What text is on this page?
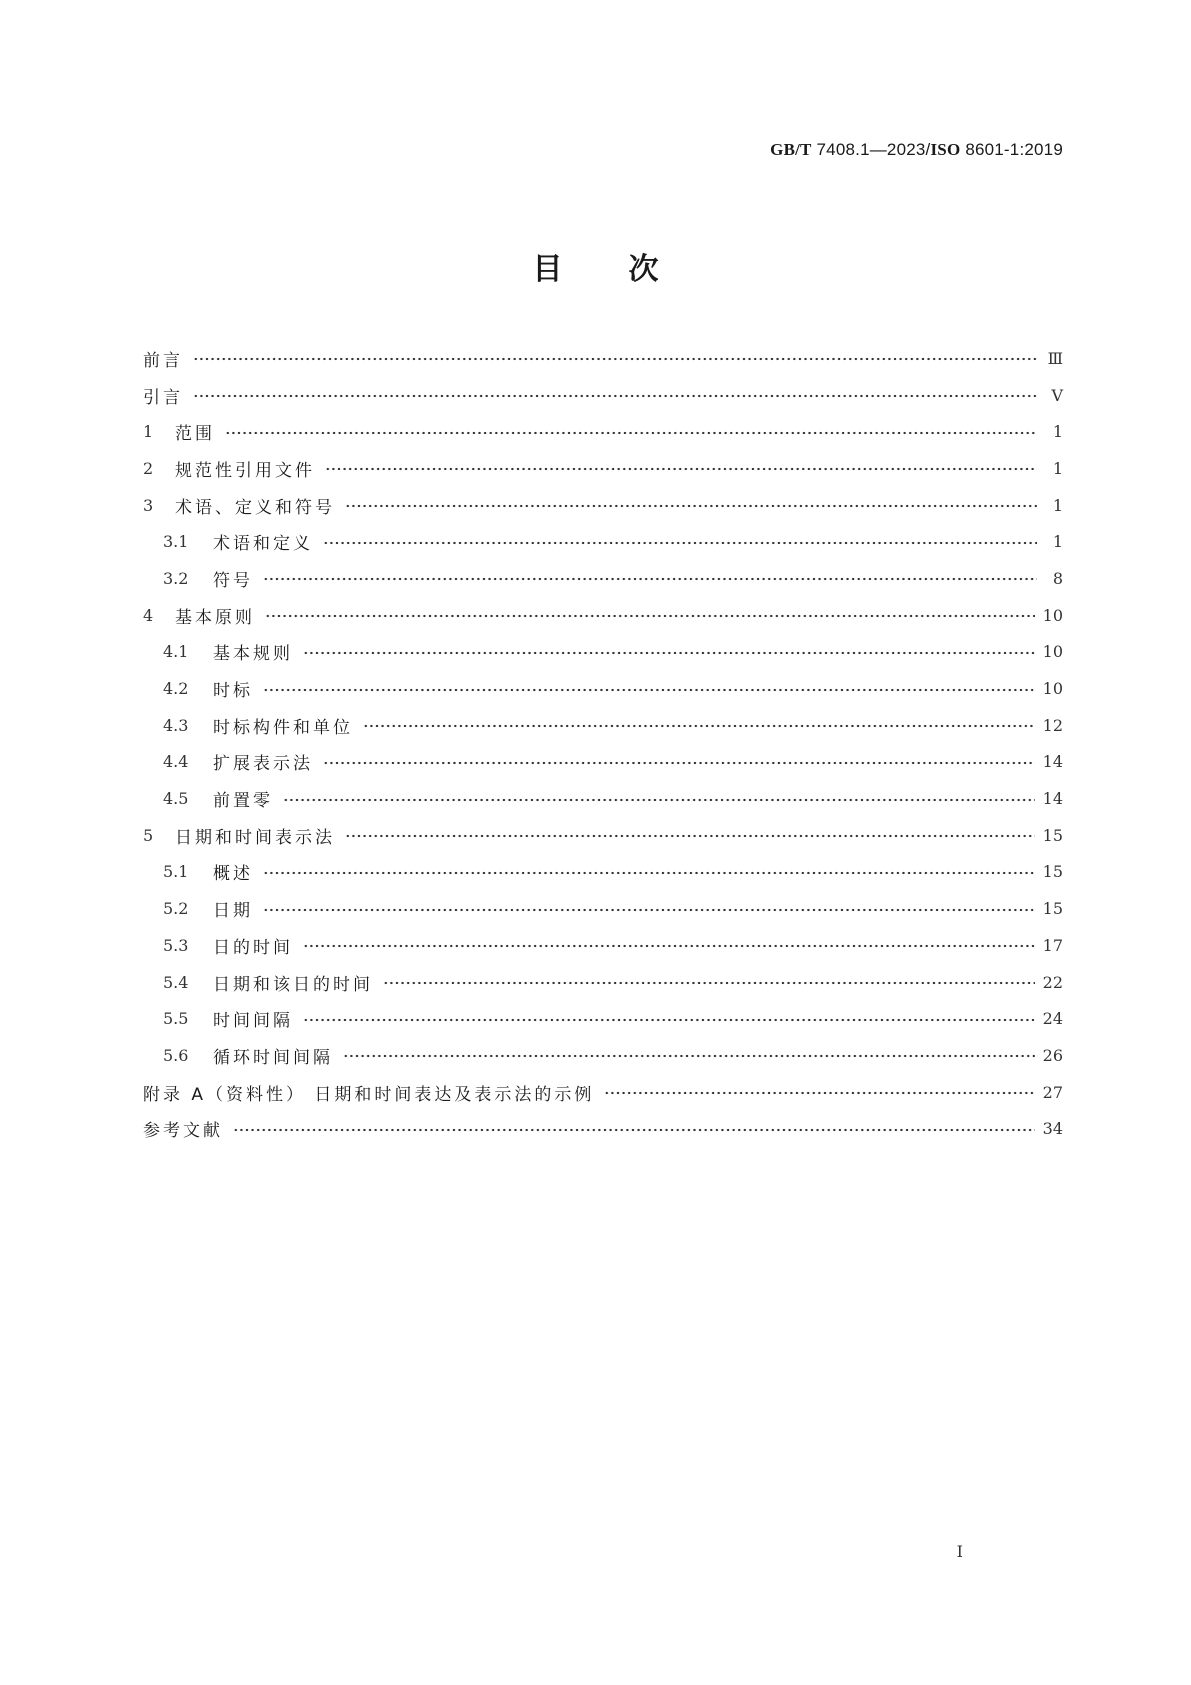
GB/T 7408.1—2023/ISO 8601-1:2019
目次
前言	Ⅲ
引言	Ⅴ
1	范围	1
2	规范性引用文件	1
3	术语、定义和符号	1
3.1	术语和定义	1
3.2	符号	8
4	基本原则	10
4.1	基本规则	10
4.2	时标	10
4.3	时标构件和单位	12
4.4	扩展表示法	14
4.5	前置零	14
5	日期和时间表示法	15
5.1	概述	15
5.2	日期	15
5.3	日的时间	17
5.4	日期和该日的时间	22
5.5	时间间隔	24
5.6	循环时间间隔	26
附录 A（资料性） 日期和时间表达及表示法的示例	27
参考文献	34
Ⅰ
